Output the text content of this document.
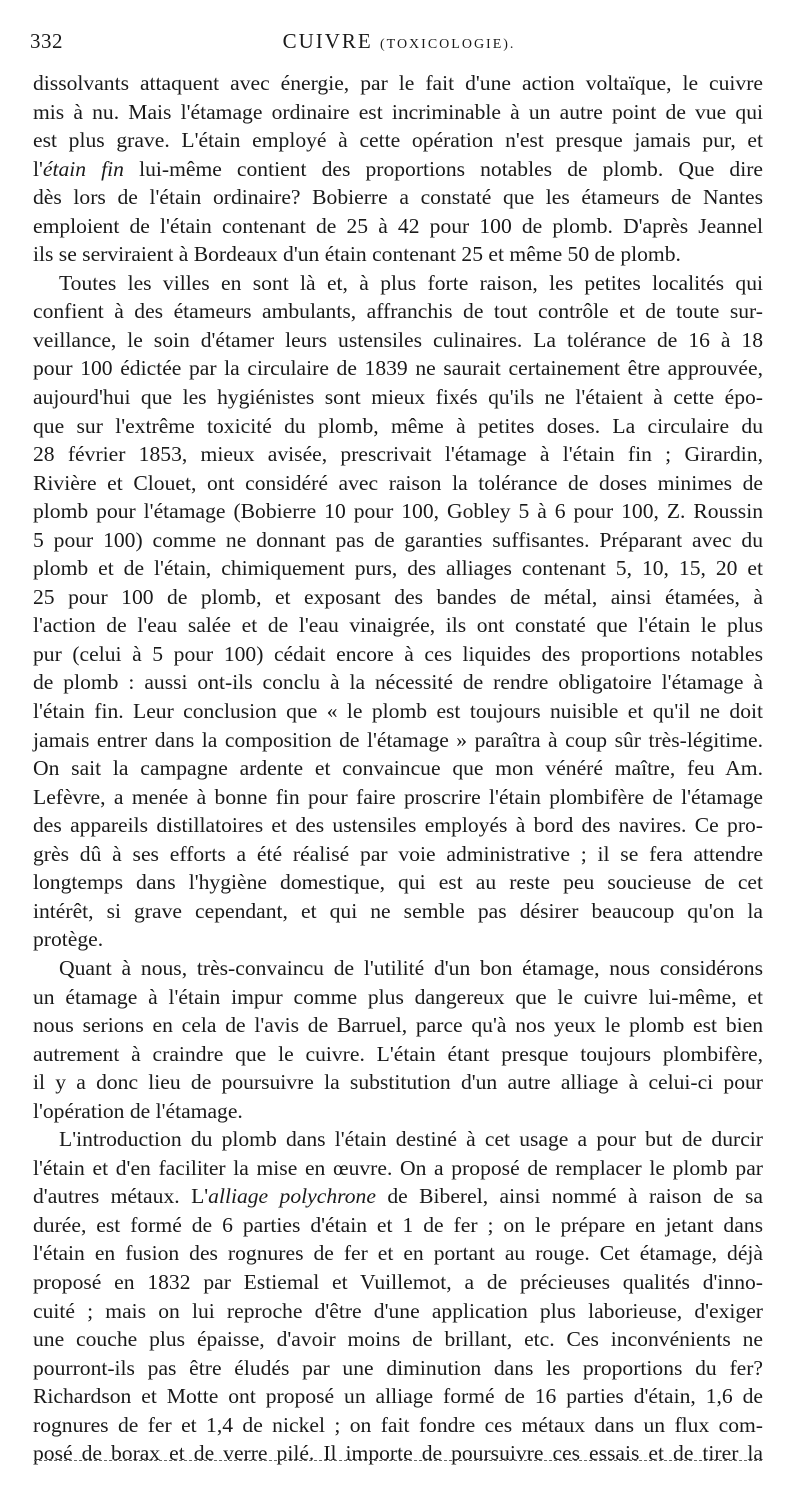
332	CUIVRE (TOXICOLOGIE).

dissolvants attaquent avec énergie, par le fait d'une action voltaïque, le cuivre
mis à nu. Mais l'étamage ordinaire est incriminable à un autre point de vue qui
est plus grave. L'étain employé à cette opération n'est presque jamais pur, et
l'étain fin lui-même contient des proportions notables de plomb. Que dire
dès lors de l'étain ordinaire? Bobierre a constaté que les étameurs de Nantes
emploient de l'étain contenant de 25 à 42 pour 100 de plomb. D'après Jeannel
ils se serviraient à Bordeaux d'un étain contenant 25 et même 50 de plomb.

Toutes les villes en sont là et, à plus forte raison, les petites localités qui
confient à des étameurs ambulants, affranchis de tout contrôle et de toute sur-
veillance, le soin d'étamer leurs ustensiles culinaires. La tolérance de 16 à 18
pour 100 édictée par la circulaire de 1839 ne saurait certainement être approuvée,
aujourd'hui que les hygiénistes sont mieux fixés qu'ils ne l'étaient à cette épo-
que sur l'extrême toxicité du plomb, même à petites doses. La circulaire du
28 février 1853, mieux avisée, prescrivait l'étamage à l'étain fin ; Girardin,
Rivière et Clouet, ont considéré avec raison la tolérance de doses minimes de
plomb pour l'étamage (Bobierre 10 pour 100, Gobley 5 à 6 pour 100, Z. Roussin
5 pour 100) comme ne donnant pas de garanties suffisantes. Préparant avec du
plomb et de l'étain, chimiquement purs, des alliages contenant 5, 10, 15, 20 et
25 pour 100 de plomb, et exposant des bandes de métal, ainsi étamées, à
l'action de l'eau salée et de l'eau vinaigrée, ils ont constaté que l'étain le plus
pur (celui à 5 pour 100) cédait encore à ces liquides des proportions notables
de plomb : aussi ont-ils conclu à la nécessité de rendre obligatoire l'étamage à
l'étain fin. Leur conclusion que « le plomb est toujours nuisible et qu'il ne doit
jamais entrer dans la composition de l'étamage » paraîtra à coup sûr très-légitime.
On sait la campagne ardente et convaincue que mon vénéré maître, feu Am.
Lefèvre, a menée à bonne fin pour faire proscrire l'étain plombifère de l'étamage
des appareils distillatoires et des ustensiles employés à bord des navires. Ce pro-
grès dû à ses efforts a été réalisé par voie administrative ; il se fera attendre
longtemps dans l'hygiène domestique, qui est au reste peu soucieuse de cet
intérêt, si grave cependant, et qui ne semble pas désirer beaucoup qu'on la
protège.

Quant à nous, très-convaincu de l'utilité d'un bon étamage, nous considérons
un étamage à l'étain impur comme plus dangereux que le cuivre lui-même, et
nous serions en cela de l'avis de Barruel, parce qu'à nos yeux le plomb est bien
autrement à craindre que le cuivre. L'étain étant presque toujours plombifère,
il y a donc lieu de poursuivre la substitution d'un autre alliage à celui-ci pour
l'opération de l'étamage.

L'introduction du plomb dans l'étain destiné à cet usage a pour but de durcir
l'étain et d'en faciliter la mise en œuvre. On a proposé de remplacer le plomb par
d'autres métaux. L'alliage polychrone de Biberel, ainsi nommé à raison de sa
durée, est formé de 6 parties d'étain et 1 de fer ; on le prépare en jetant dans
l'étain en fusion des rognures de fer et en portant au rouge. Cet étamage, déjà
proposé en 1832 par Estiemal et Vuillemot, a de précieuses qualités d'inno-
cuité ; mais on lui reproche d'être d'une application plus laborieuse, d'exiger
une couche plus épaisse, d'avoir moins de brillant, etc. Ces inconvénients ne
pourront-ils pas être éludés par une diminution dans les proportions du fer?
Richardson et Motte ont proposé un alliage formé de 16 parties d'étain, 1,6 de
rognures de fer et 1,4 de nickel ; on fait fondre ces métaux dans un flux com-
posé de borax et de verre pilé. Il importe de poursuivre ces essais et de tirer la
